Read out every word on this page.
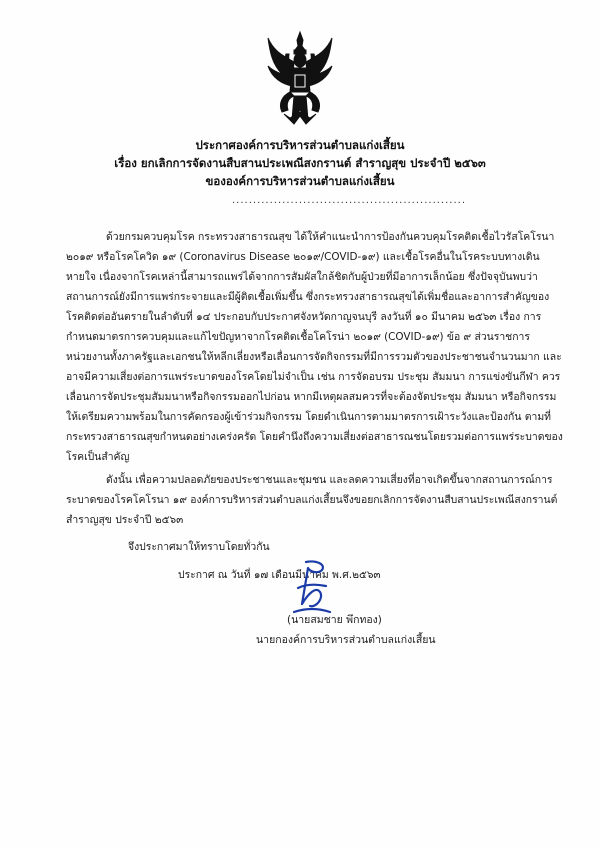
ประกาศองค์การบริหารส่วนตำบลแก่งเสี้ยน
เรื่อง ยกเลิกการจัดงานสืบสานประเพณีสงกรานต์ สำราญสุข ประจำปี ๒๕๖๓
ขององค์การบริหารส่วนตำบลแก่งเสี้ยน
........................................................
ด้วยกรมควบคุมโรค กระทรวงสาธารณสุข ได้ให้คำแนะนำการป้องกันควบคุมโรคติดเชื้อไวรัสโคโรนา
๒๐๑๙ หรือโรคโควิด ๑๙ (Coronavirus Disease ๒๐๑๙/COVID-๑๙) และเชื้อโรคอื่นในโรคระบบทางเดิน
หายใจ เนื่องจากโรคเหล่านี้สามารถแพร่ได้จากการสัมผัสใกล้ชิดกับผู้ป่วยที่มีอาการเล็กน้อย ซึ่งปัจจุบันพบว่า
สถานการณ์ยังมีการแพร่กระจายและมีผู้ติดเชื้อเพิ่มขึ้น ซึ่งกระทรวงสาธารณสุขได้เพิ่มชื่อและอาการสำคัญของ
โรคติดต่ออันตรายในลำดับที่ ๑๔ ประกอบกับประกาศจังหวัดกาญจนบุรี ลงวันที่ ๑๐ มีนาคม ๒๕๖๓ เรื่อง การ
กำหนดมาตรการควบคุมและแก้ไขปัญหาจากโรคติดเชื้อโคโรน่า ๒๐๑๙ (COVID-๑๙) ข้อ ๙ ส่วนราชการ
หน่วยงานทั้งภาครัฐและเอกชนให้หลีกเลี่ยงหรือเลื่อนการจัดกิจกรรมที่มีการรวมตัวของประชาชนจำนวนมาก และ
อาจมีความเสี่ยงต่อการแพร่ระบาดของโรคโดยไม่จำเป็น เช่น การจัดอบรม ประชุม สัมมนา การแข่งขันกีฬา ควร
เลื่อนการจัดประชุมสัมมนาหรือกิจกรรมออกไปก่อน หากมีเหตุผลสมควรที่จะต้องจัดประชุม สัมมนา หรือกิจกรรม
ให้เตรียมความพร้อมในการคัดกรองผู้เข้าร่วมกิจกรรม โดยดำเนินการตามมาตรการเฝ้าระวังและป้องกัน ตามที่
กระทรวงสาธารณสุขกำหนดอย่างเคร่งครัด โดยคำนึงถึงความเสี่ยงต่อสาธารณชนโดยรวมต่อการแพร่ระบาดของ
โรคเป็นสำคัญ
ดังนั้น เพื่อความปลอดภัยของประชาชนและชุมชน และลดความเสี่ยงที่อาจเกิดขึ้นจากสถานการณ์การ
ระบาดของโรคโคโรนา ๑๙ องค์การบริหารส่วนตำบลแก่งเสี้ยนจึงขอยกเลิกการจัดงานสืบสานประเพณีสงกรานต์
สำราญสุข ประจำปี ๒๕๖๓
จึงประกาศมาให้ทราบโดยทั่วกัน
ประกาศ ณ วันที่ ๑๗ เดือนมีนาคม พ.ศ.๒๕๖๓
(นายสมชาย พึกทอง)
นายกองค์การบริหารส่วนตำบลแก่งเสี้ยน
